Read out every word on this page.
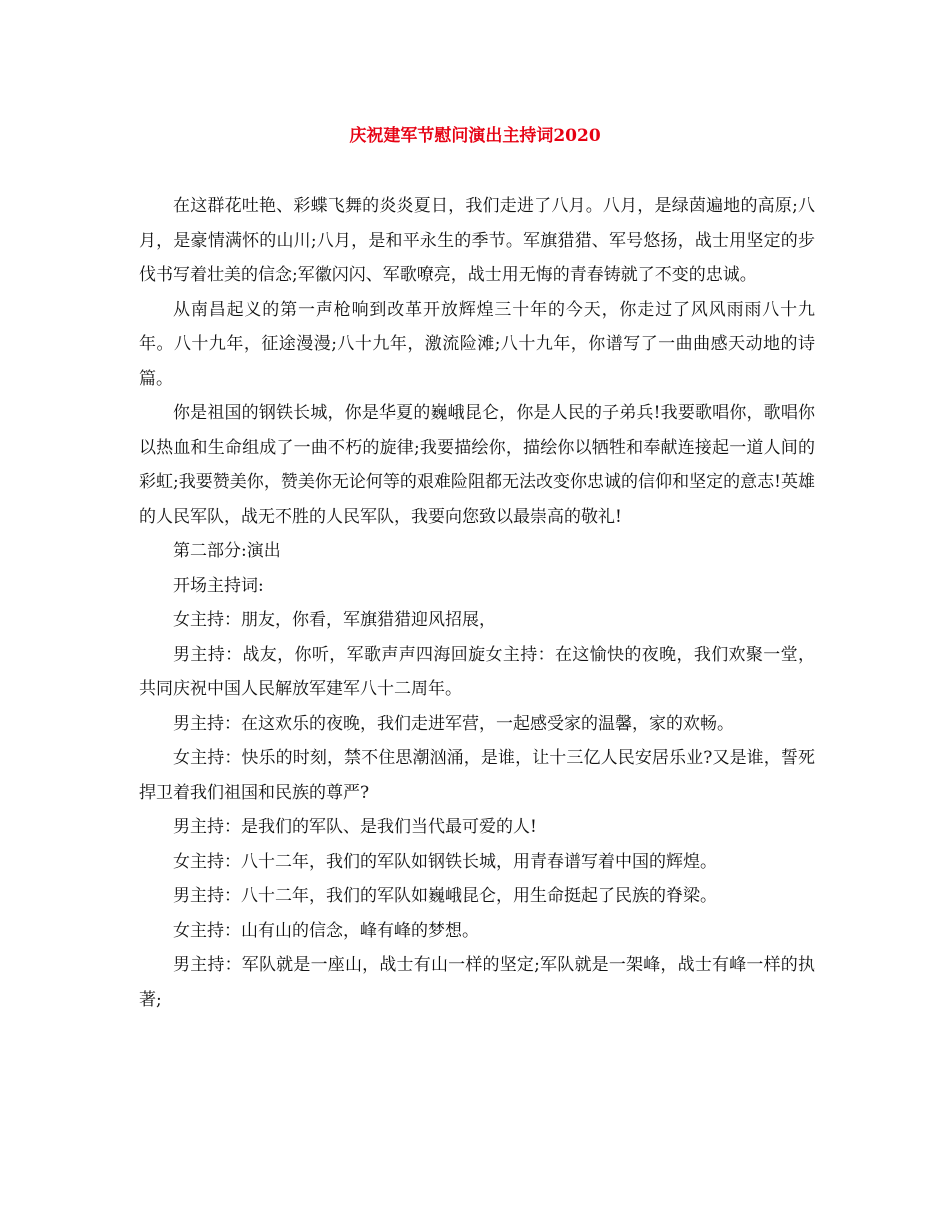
庆祝建军节慰问演出主持词2020

在这群花吐艳、彩蝶飞舞的炎炎夏日，我们走进了八月。八月，是绿茵遍地的高原;八月，是豪情满怀的山川;八月，是和平永生的季节。军旗猎猎、军号悠扬，战士用坚定的步伐书写着壮美的信念;军徽闪闪、军歌嘹亮，战士用无悔的青春铸就了不变的忠诚。

从南昌起义的第一声枪响到改革开放辉煌三十年的今天，你走过了风风雨雨八十九年。八十九年，征途漫漫;八十九年，激流险滩;八十九年，你谱写了一曲曲感天动地的诗篇。

你是祖国的钢铁长城，你是华夏的巍峨昆仑，你是人民的子弟兵!我要歌唱你，歌唱你以热血和生命组成了一曲不朽的旋律;我要描绘你，描绘你以牺牲和奉献连接起一道人间的彩虹;我要赞美你，赞美你无论何等的艰难险阻都无法改变你忠诚的信仰和坚定的意志!英雄的人民军队，战无不胜的人民军队，我要向您致以最崇高的敬礼!

第二部分:演出

开场主持词:

女主持：朋友，你看，军旗猎猎迎风招展，

男主持：战友，你听，军歌声声四海回旋女主持：在这愉快的夜晚，我们欢聚一堂，共同庆祝中国人民解放军建军八十二周年。

男主持：在这欢乐的夜晚，我们走进军营，一起感受家的温馨，家的欢畅。

女主持：快乐的时刻，禁不住思潮汹涌，是谁，让十三亿人民安居乐业?又是谁，誓死捍卫着我们祖国和民族的尊严?

男主持：是我们的军队、是我们当代最可爱的人!

女主持：八十二年，我们的军队如钢铁长城，用青春谱写着中国的辉煌。

男主持：八十二年，我们的军队如巍峨昆仑，用生命挺起了民族的脊梁。

女主持：山有山的信念，峰有峰的梦想。

男主持：军队就是一座山，战士有山一样的坚定;军队就是一架峰，战士有峰一样的执著;
